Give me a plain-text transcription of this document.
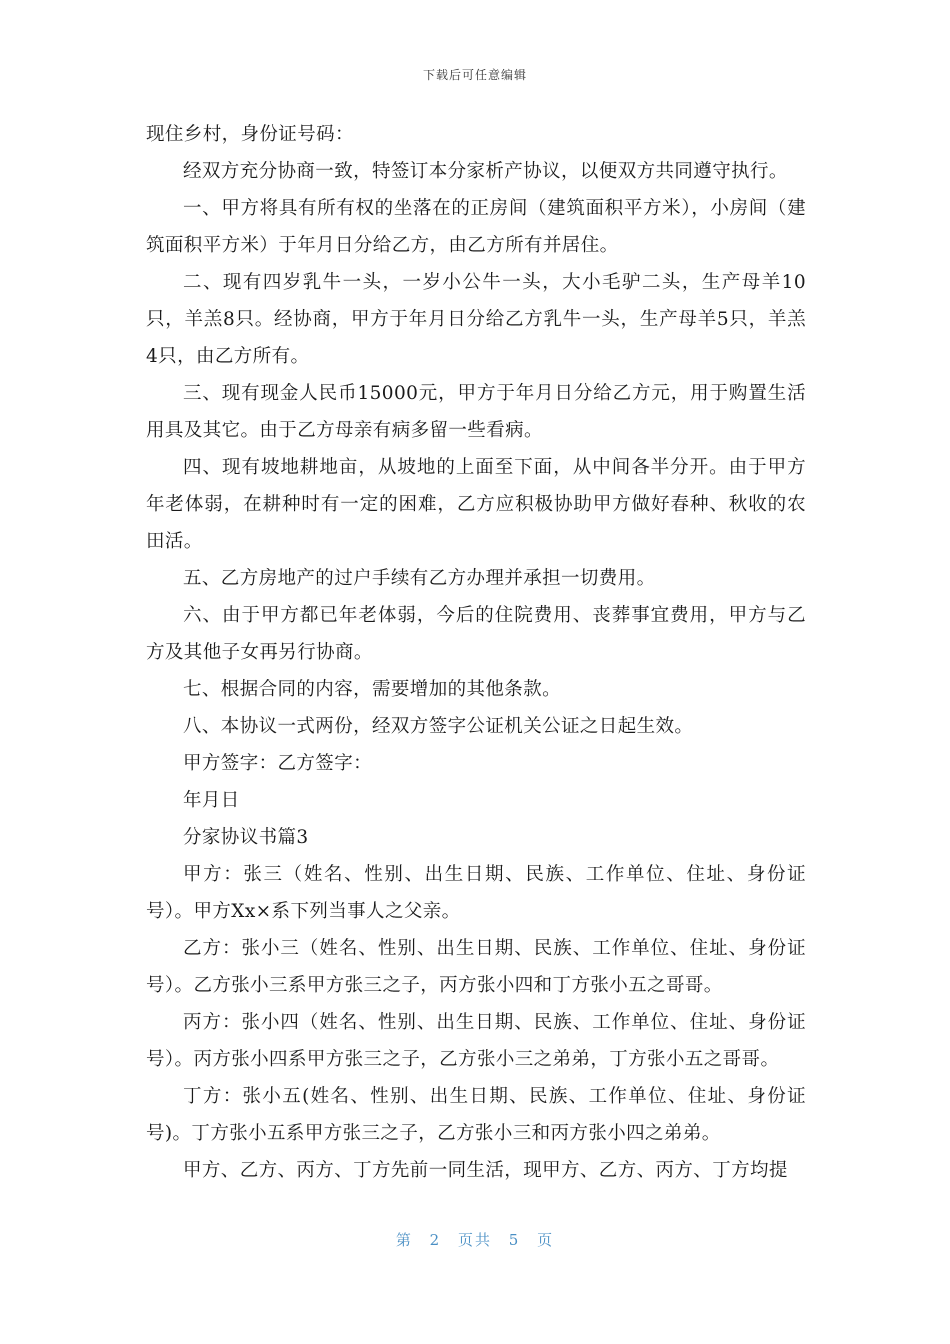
下载后可任意编辑

现住乡村，身份证号码：

经双方充分协商一致，特签订本分家析产协议，以便双方共同遵守执行。

一、甲方将具有所有权的坐落在的正房间（建筑面积平方米），小房间（建筑面积平方米）于年月日分给乙方，由乙方所有并居住。

二、现有四岁乳牛一头，一岁小公牛一头，大小毛驴二头，生产母羊10只，羊羔8只。经协商，甲方于年月日分给乙方乳牛一头，生产母羊5只，羊羔4只，由乙方所有。

三、现有现金人民币15000元，甲方于年月日分给乙方元，用于购置生活用具及其它。由于乙方母亲有病多留一些看病。

四、现有坡地耕地亩，从坡地的上面至下面，从中间各半分开。由于甲方年老体弱，在耕种时有一定的困难，乙方应积极协助甲方做好春种、秋收的农田活。

五、乙方房地产的过户手续有乙方办理并承担一切费用。

六、由于甲方都已年老体弱，今后的住院费用、丧葬事宜费用，甲方与乙方及其他子女再另行协商。

七、根据合同的内容，需要增加的其他条款。

八、本协议一式两份，经双方签字公证机关公证之日起生效。

甲方签字：乙方签字：

年月日

分家协议书篇3

甲方：张三（姓名、性别、出生日期、民族、工作单位、住址、身份证号）。甲方Xx×系下列当事人之父亲。

乙方：张小三（姓名、性别、出生日期、民族、工作单位、住址、身份证号）。乙方张小三系甲方张三之子，丙方张小四和丁方张小五之哥哥。

丙方：张小四（姓名、性别、出生日期、民族、工作单位、住址、身份证号）。丙方张小四系甲方张三之子，乙方张小三之弟弟，丁方张小五之哥哥。

丁方：张小五(姓名、性别、出生日期、民族、工作单位、住址、身份证号)。丁方张小五系甲方张三之子，乙方张小三和丙方张小四之弟弟。

甲方、乙方、丙方、丁方先前一同生活，现甲方、乙方、丙方、丁方均提

第 2 页共 5 页
